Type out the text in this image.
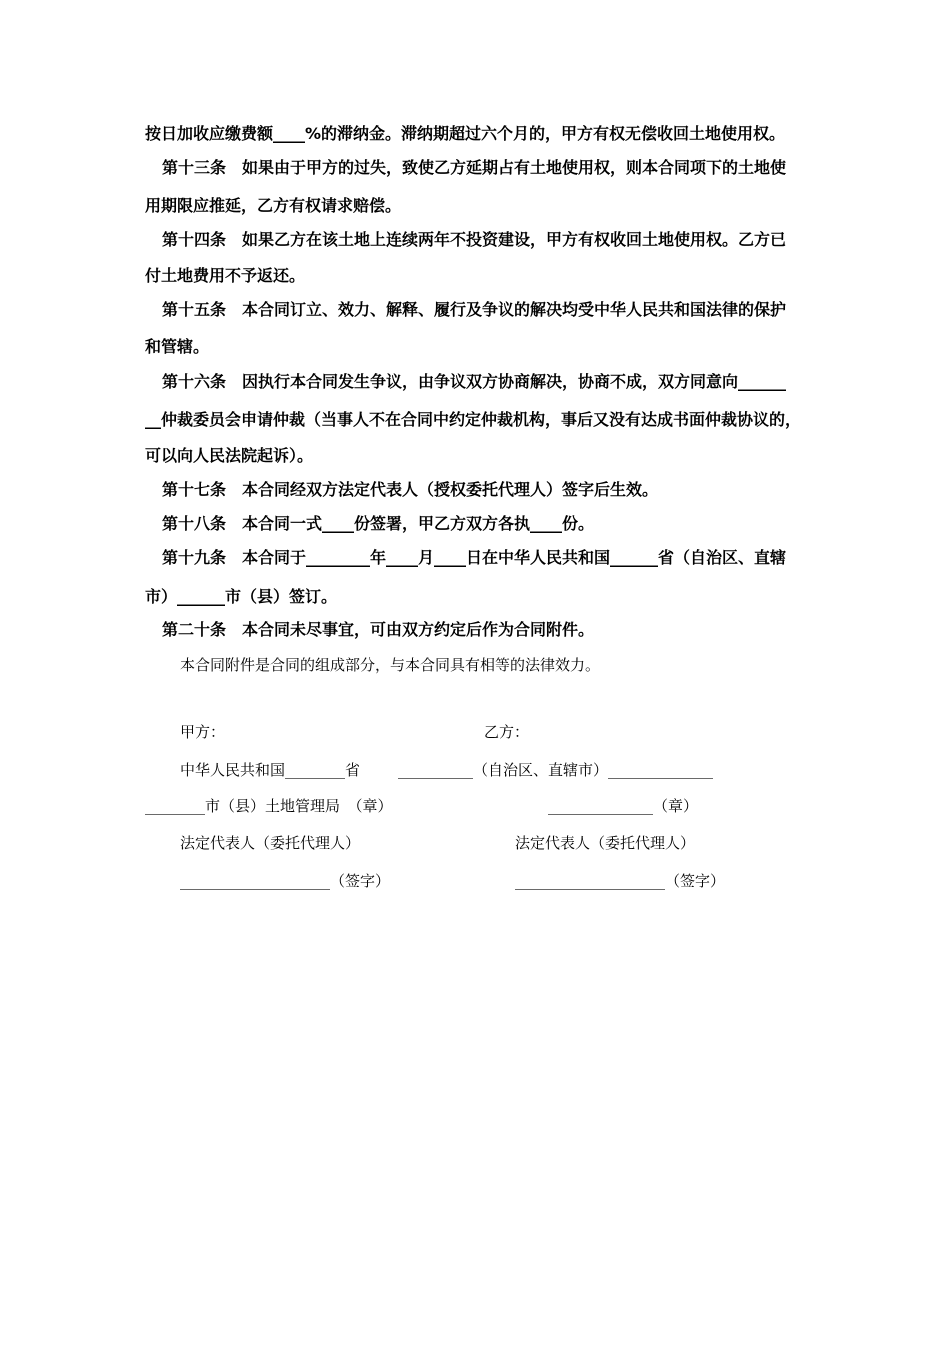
按日加收应缴费额____%的滞纳金。滞纳期超过六个月的，甲方有权无偿收回土地使用权。

第十三条　如果由于甲方的过失，致使乙方延期占有土地使用权，则本合同项下的土地使

用期限应推延，乙方有权请求赔偿。

第十四条　如果乙方在该土地上连续两年不投资建设，甲方有权收回土地使用权。乙方已

付土地费用不予返还。

第十五条　本合同订立、效力、解释、履行及争议的解决均受中华人民共和国法律的保护

和管辖。

第十六条　因执行本合同发生争议，由争议双方协商解决，协商不成，双方同意向______

__仲裁委员会申请仲裁（当事人不在合同中约定仲裁机构，事后又没有达成书面仲裁协议的，

可以向人民法院起诉）。

第十七条　本合同经双方法定代表人（授权委托代理人）签字后生效。

第十八条　本合同一式____份签署，甲乙方双方各执____份。

第十九条　本合同于________年____月____日在中华人民共和国______省（自治区、直辖

市）______市（县）签订。

第二十条　本合同未尽事宜，可由双方约定后作为合同附件。

本合同附件是合同的组成部分，与本合同具有相等的法律效力。

甲方：	乙方：

中华人民共和国________省	__________（自治区、直辖市）______________

________市（县）土地管理局　（章）	______________（章）

法定代表人（委托代理人）	法定代表人（委托代理人）

____________________（签字）	____________________（签字）
